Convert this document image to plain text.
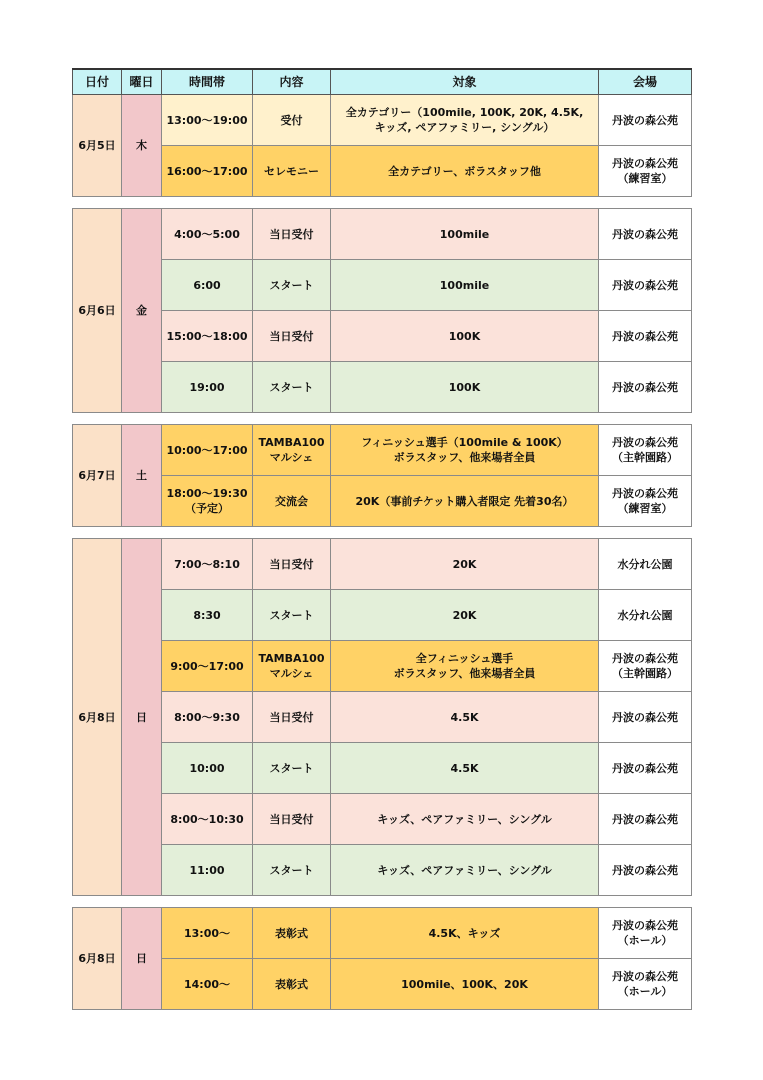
日付	曜日	時間帯	内容	対象	会場
6月5日	木	13:00〜19:00	受付	全カテゴリー（100mile, 100K, 20K, 4.5K,
キッズ, ペアファミリー, シングル）	丹波の森公苑
		16:00〜17:00	セレモニー	全カテゴリー、ボラスタッフ他	丹波の森公苑
（練習室）

6月6日	金	4:00〜5:00	当日受付	100mile	丹波の森公苑
		6:00	スタート	100mile	丹波の森公苑
		15:00〜18:00	当日受付	100K	丹波の森公苑
		19:00	スタート	100K	丹波の森公苑

6月7日	土	10:00〜17:00	TAMBA100
マルシェ	フィニッシュ選手（100mile & 100K）
ボラスタッフ、他来場者全員	丹波の森公苑
（主幹園路）
		18:00〜19:30
（予定）	交流会	20K（事前チケット購入者限定 先着30名）	丹波の森公苑
（練習室）

6月8日	日	7:00〜8:10	当日受付	20K	水分れ公園
		8:30	スタート	20K	水分れ公園
		9:00〜17:00	TAMBA100
マルシェ	全フィニッシュ選手
ボラスタッフ、他来場者全員	丹波の森公苑
（主幹園路）
		8:00〜9:30	当日受付	4.5K	丹波の森公苑
		10:00	スタート	4.5K	丹波の森公苑
		8:00〜10:30	当日受付	キッズ、ペアファミリー、シングル	丹波の森公苑
		11:00	スタート	キッズ、ペアファミリー、シングル	丹波の森公苑

6月8日	日	13:00〜	表彰式	4.5K、キッズ	丹波の森公苑
（ホール）
		14:00〜	表彰式	100mile、100K、20K	丹波の森公苑
（ホール）
